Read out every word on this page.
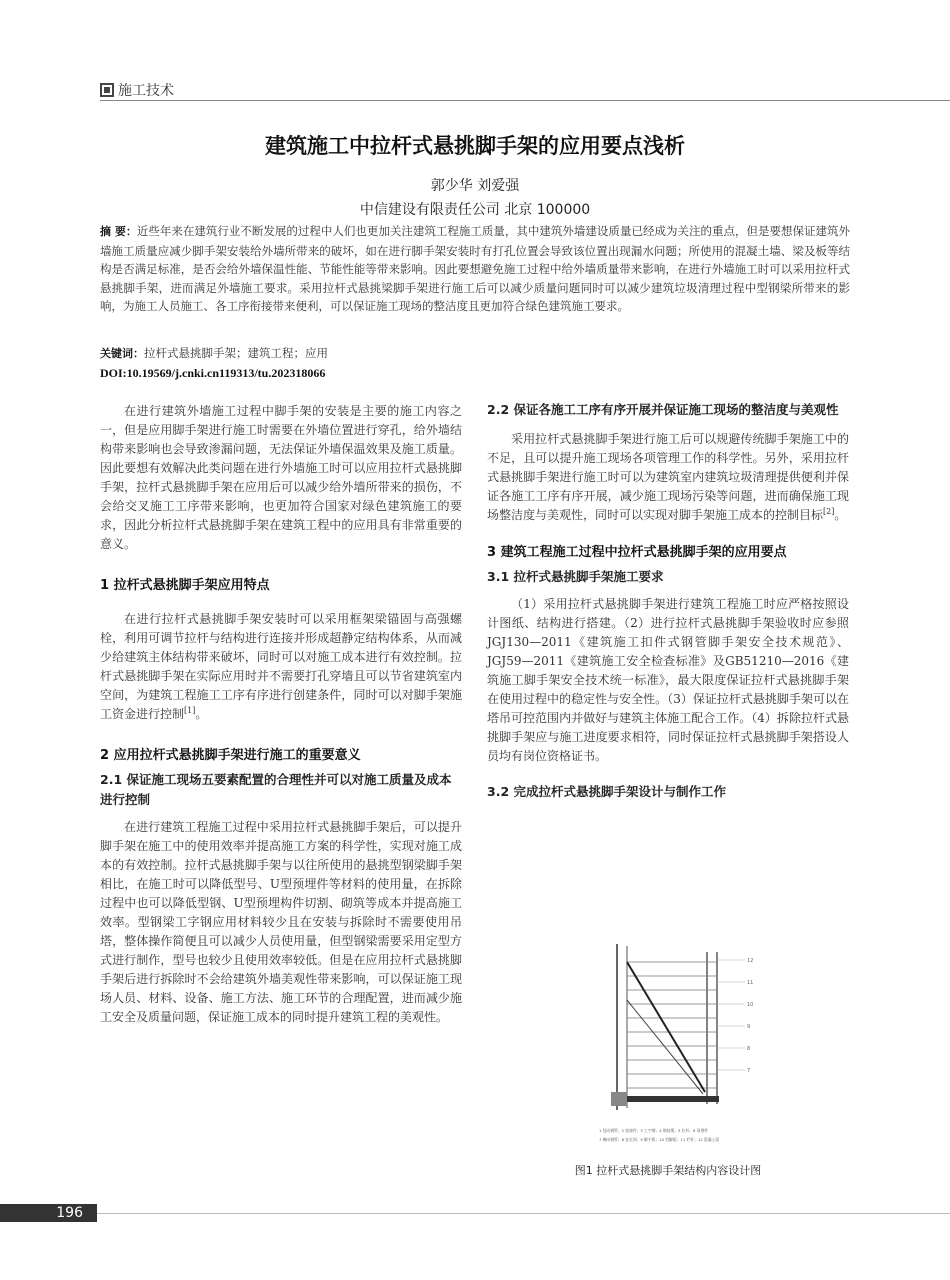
施工技术
建筑施工中拉杆式悬挑脚手架的应用要点浅析
郭少华 刘爱强
中信建设有限责任公司 北京 100000
摘 要：近些年来在建筑行业不断发展的过程中人们也更加关注建筑工程施工质量，其中建筑外墙建设质量已经成为关注的重点，但是要想保证建筑外墙施工质量应减少脚手架安装给外墙所带来的破坏，如在进行脚手架安装时有打孔位置会导致该位置出现漏水问题；所使用的混凝土墙、梁及板等结构是否满足标准，是否会给外墙保温性能、节能性能等带来影响。因此要想避免施工过程中给外墙质量带来影响，在进行外墙施工时可以采用拉杆式悬挑脚手架，进而满足外墙施工要求。采用拉杆式悬挑梁脚手架进行施工后可以减少质量问题同时可以减少建筑垃圾清理过程中型钢梁所带来的影响，为施工人员施工、各工序衔接带来便利，可以保证施工现场的整洁度且更加符合绿色建筑施工要求。
关键词：拉杆式悬挑脚手架；建筑工程；应用
DOI:10.19569/j.cnki.cn119313/tu.202318066

在进行建筑外墙施工过程中脚手架的安装是主要的施工内容之一，但是应用脚手架进行施工时需要在外墙位置进行穿孔，给外墙结构带来影响也会导致渗漏问题，无法保证外墙保温效果及施工质量。因此要想有效解决此类问题在进行外墙施工时可以应用拉杆式悬挑脚手架，拉杆式悬挑脚手架在应用后可以减少给外墙所带来的损伤，不会给交叉施工工序带来影响，也更加符合国家对绿色建筑施工的要求，因此分析拉杆式悬挑脚手架在建筑工程中的应用具有非常重要的意义。

1 拉杆式悬挑脚手架应用特点

在进行拉杆式悬挑脚手架安装时可以采用框架梁锚固与高强螺栓，利用可调节拉杆与结构进行连接并形成超静定结构体系，从而减少给建筑主体结构带来破坏，同时可以对施工成本进行有效控制。拉杆式悬挑脚手架在实际应用时并不需要打孔穿墙且可以节省建筑室内空间，为建筑工程施工工序有序进行创建条件，同时可以对脚手架施工资金进行控制[1]。

2 应用拉杆式悬挑脚手架进行施工的重要意义
2.1 保证施工现场五要素配置的合理性并可以对施工质量及成本进行控制

在进行建筑工程施工过程中采用拉杆式悬挑脚手架后，可以提升脚手架在施工中的使用效率并提高施工方案的科学性，实现对施工成本的有效控制。拉杆式悬挑脚手架与以往所使用的悬挑型钢梁脚手架相比，在施工时可以降低型号、U型预埋件等材料的使用量，在拆除过程中也可以降低型钢、U型预埋构件切割、砌筑等成本并提高施工效率。型钢梁工字钢应用材料较少且在安装与拆除时不需要使用吊塔，整体操作简便且可以减少人员使用量，但型钢梁需要采用定型方式进行制作，型号也较少且使用效率较低。但是在应用拉杆式悬挑脚手架后进行拆除时不会给建筑外墙美观性带来影响，可以保证施工现场人员、材料、设备、施工方法、施工环节的合理配置，进而减少施工安全及质量问题，保证施工成本的同时提升建筑工程的美观性。

2.2 保证各施工工序有序开展并保证施工现场的整洁度与美观性

采用拉杆式悬挑脚手架进行施工后可以规避传统脚手架施工中的不足，且可以提升施工现场各项管理工作的科学性。另外，采用拉杆式悬挑脚手架进行施工时可以为建筑室内建筑垃圾清理提供便利并保证各施工工序有序开展，减少施工现场污染等问题，进而确保施工现场整洁度与美观性，同时可以实现对脚手架施工成本的控制目标[2]。

3 建筑工程施工过程中拉杆式悬挑脚手架的应用要点
3.1 拉杆式悬挑脚手架施工要求

（1）采用拉杆式悬挑脚手架进行建筑工程施工时应严格按照设计图纸、结构进行搭建。（2）进行拉杆式悬挑脚手架验收时应参照JGJ130—2011《建筑施工扣件式钢管脚手架安全技术规范》、JGJ59—2011《建筑施工安全检查标准》及GB51210—2016《建筑施工脚手架安全技术统一标准》，最大限度保证拉杆式悬挑脚手架在使用过程中的稳定性与安全性。（3）保证拉杆式悬挑脚手架可以在塔吊可控范围内并做好与建筑主体施工配合工作。（4）拆除拉杆式悬挑脚手架应与施工进度要求相符，同时保证拉杆式悬挑脚手架搭设人员均有岗位资格证书。

3.2 完成拉杆式悬挑脚手架设计与制作工作
12
11
10
9
8
7
1 竖向钢管；2 连墙件；3 工字钢；4 钢丝绳；5 拉杆；6 预埋件
7 横向钢管；8 安全网；9 脚手板；10 挡脚板；11 栏杆；12 混凝土梁
图1 拉杆式悬挑脚手架结构内容设计图
196
